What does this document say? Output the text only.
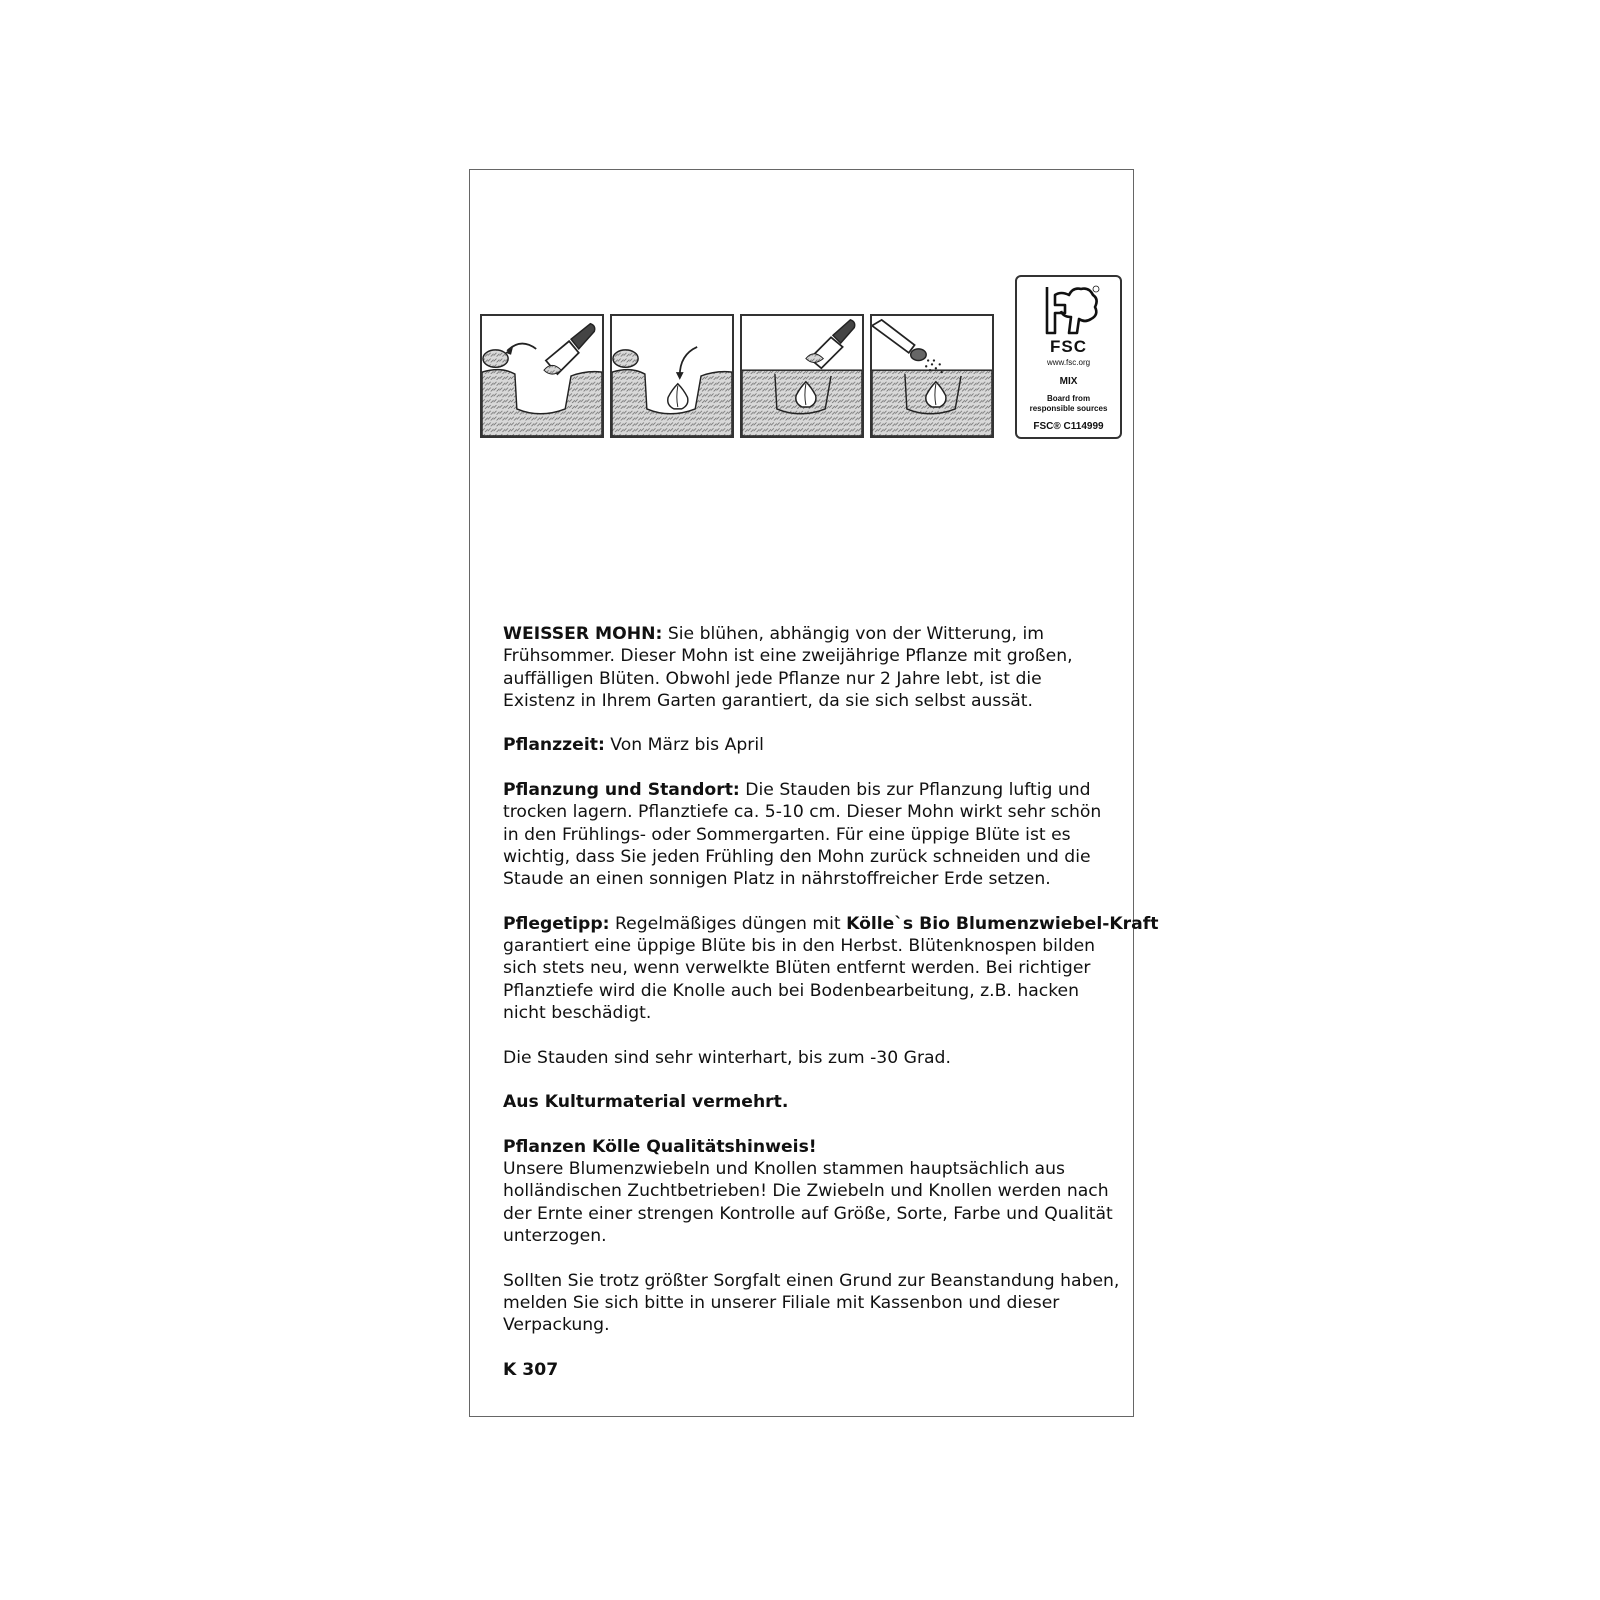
FSC
www.fsc.org
MIX
Board from
responsible sources
FSC® C114999

WEISSER MOHN: Sie blühen, abhängig von der Witterung, im
Frühsommer. Dieser Mohn ist eine zweijährige Pflanze mit großen,
auffälligen Blüten. Obwohl jede Pflanze nur 2 Jahre lebt, ist die
Existenz in Ihrem Garten garantiert, da sie sich selbst aussät.

Pflanzzeit: Von März bis April

Pflanzung und Standort: Die Stauden bis zur Pflanzung luftig und
trocken lagern. Pflanztiefe ca. 5-10 cm. Dieser Mohn wirkt sehr schön
in den Frühlings- oder Sommergarten. Für eine üppige Blüte ist es
wichtig, dass Sie jeden Frühling den Mohn zurück schneiden und die
Staude an einen sonnigen Platz in nährstoffreicher Erde setzen.

Pflegetipp: Regelmäßiges düngen mit Kölle`s Bio Blumenzwiebel-Kraft
garantiert eine üppige Blüte bis in den Herbst. Blütenknospen bilden
sich stets neu, wenn verwelkte Blüten entfernt werden. Bei richtiger
Pflanztiefe wird die Knolle auch bei Bodenbearbeitung, z.B. hacken
nicht beschädigt.

Die Stauden sind sehr winterhart, bis zum -30 Grad.

Aus Kulturmaterial vermehrt.

Pflanzen Kölle Qualitätshinweis!
Unsere Blumenzwiebeln und Knollen stammen hauptsächlich aus
holländischen Zuchtbetrieben! Die Zwiebeln und Knollen werden nach
der Ernte einer strengen Kontrolle auf Größe, Sorte, Farbe und Qualität
unterzogen.

Sollten Sie trotz größter Sorgfalt einen Grund zur Beanstandung haben,
melden Sie sich bitte in unserer Filiale mit Kassenbon und dieser
Verpackung.

K 307
